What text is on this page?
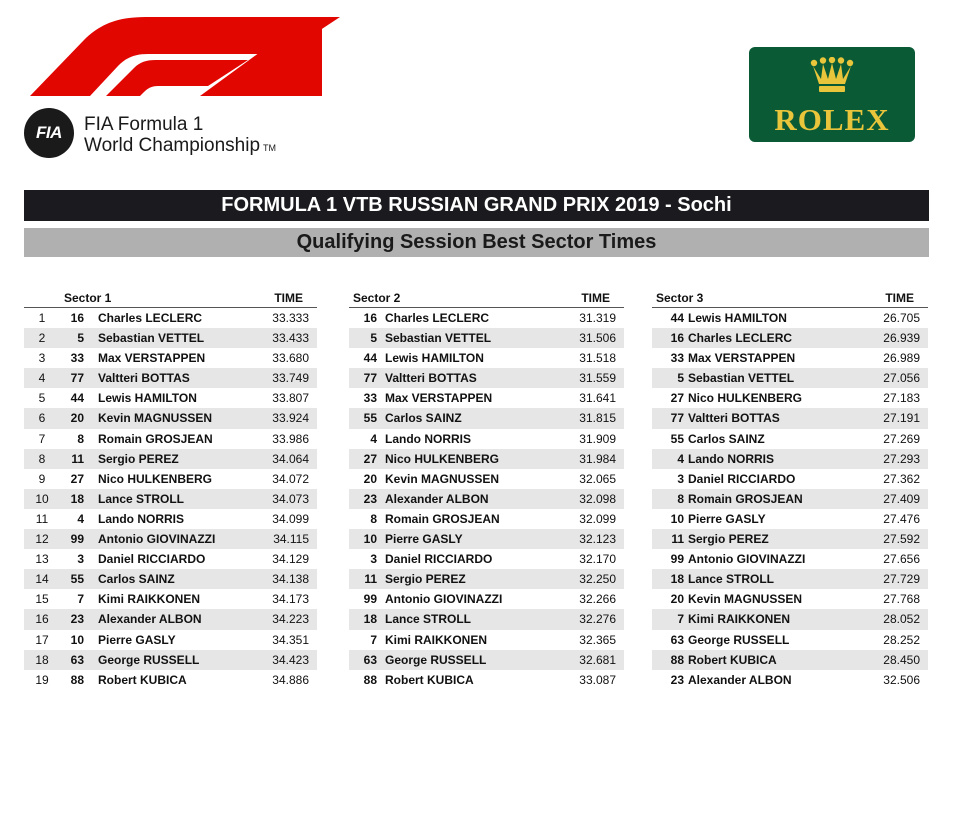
FIA FIA Formula 1
World Championship TM
ROLEX
FORMULA 1 VTB RUSSIAN GRAND PRIX 2019 - Sochi
Qualifying Session Best Sector Times
Sector 1	TIME
1	16 Charles LECLERC	33.333
2	5 Sebastian VETTEL	33.433
3	33 Max VERSTAPPEN	33.680
4	77 Valtteri BOTTAS	33.749
5	44 Lewis HAMILTON	33.807
6	20 Kevin MAGNUSSEN	33.924
7	8 Romain GROSJEAN	33.986
8	11 Sergio PEREZ	34.064
9	27 Nico HULKENBERG	34.072
10	18 Lance STROLL	34.073
11	4 Lando NORRIS	34.099
12	99 Antonio GIOVINAZZI	34.115
13	3 Daniel RICCIARDO	34.129
14	55 Carlos SAINZ	34.138
15	7 Kimi RAIKKONEN	34.173
16	23 Alexander ALBON	34.223
17	10 Pierre GASLY	34.351
18	63 George RUSSELL	34.423
19	88 Robert KUBICA	34.886
Sector 2	TIME
16 Charles LECLERC	31.319
5 Sebastian VETTEL	31.506
44 Lewis HAMILTON	31.518
77 Valtteri BOTTAS	31.559
33 Max VERSTAPPEN	31.641
55 Carlos SAINZ	31.815
4 Lando NORRIS	31.909
27 Nico HULKENBERG	31.984
20 Kevin MAGNUSSEN	32.065
23 Alexander ALBON	32.098
8 Romain GROSJEAN	32.099
10 Pierre GASLY	32.123
3 Daniel RICCIARDO	32.170
11 Sergio PEREZ	32.250
99 Antonio GIOVINAZZI	32.266
18 Lance STROLL	32.276
7 Kimi RAIKKONEN	32.365
63 George RUSSELL	32.681
88 Robert KUBICA	33.087
Sector 3	TIME
44 Lewis HAMILTON	26.705
16 Charles LECLERC	26.939
33 Max VERSTAPPEN	26.989
5 Sebastian VETTEL	27.056
27 Nico HULKENBERG	27.183
77 Valtteri BOTTAS	27.191
55 Carlos SAINZ	27.269
4 Lando NORRIS	27.293
3 Daniel RICCIARDO	27.362
8 Romain GROSJEAN	27.409
10 Pierre GASLY	27.476
11 Sergio PEREZ	27.592
99 Antonio GIOVINAZZI	27.656
18 Lance STROLL	27.729
20 Kevin MAGNUSSEN	27.768
7 Kimi RAIKKONEN	28.052
63 George RUSSELL	28.252
88 Robert KUBICA	28.450
23 Alexander ALBON	32.506
